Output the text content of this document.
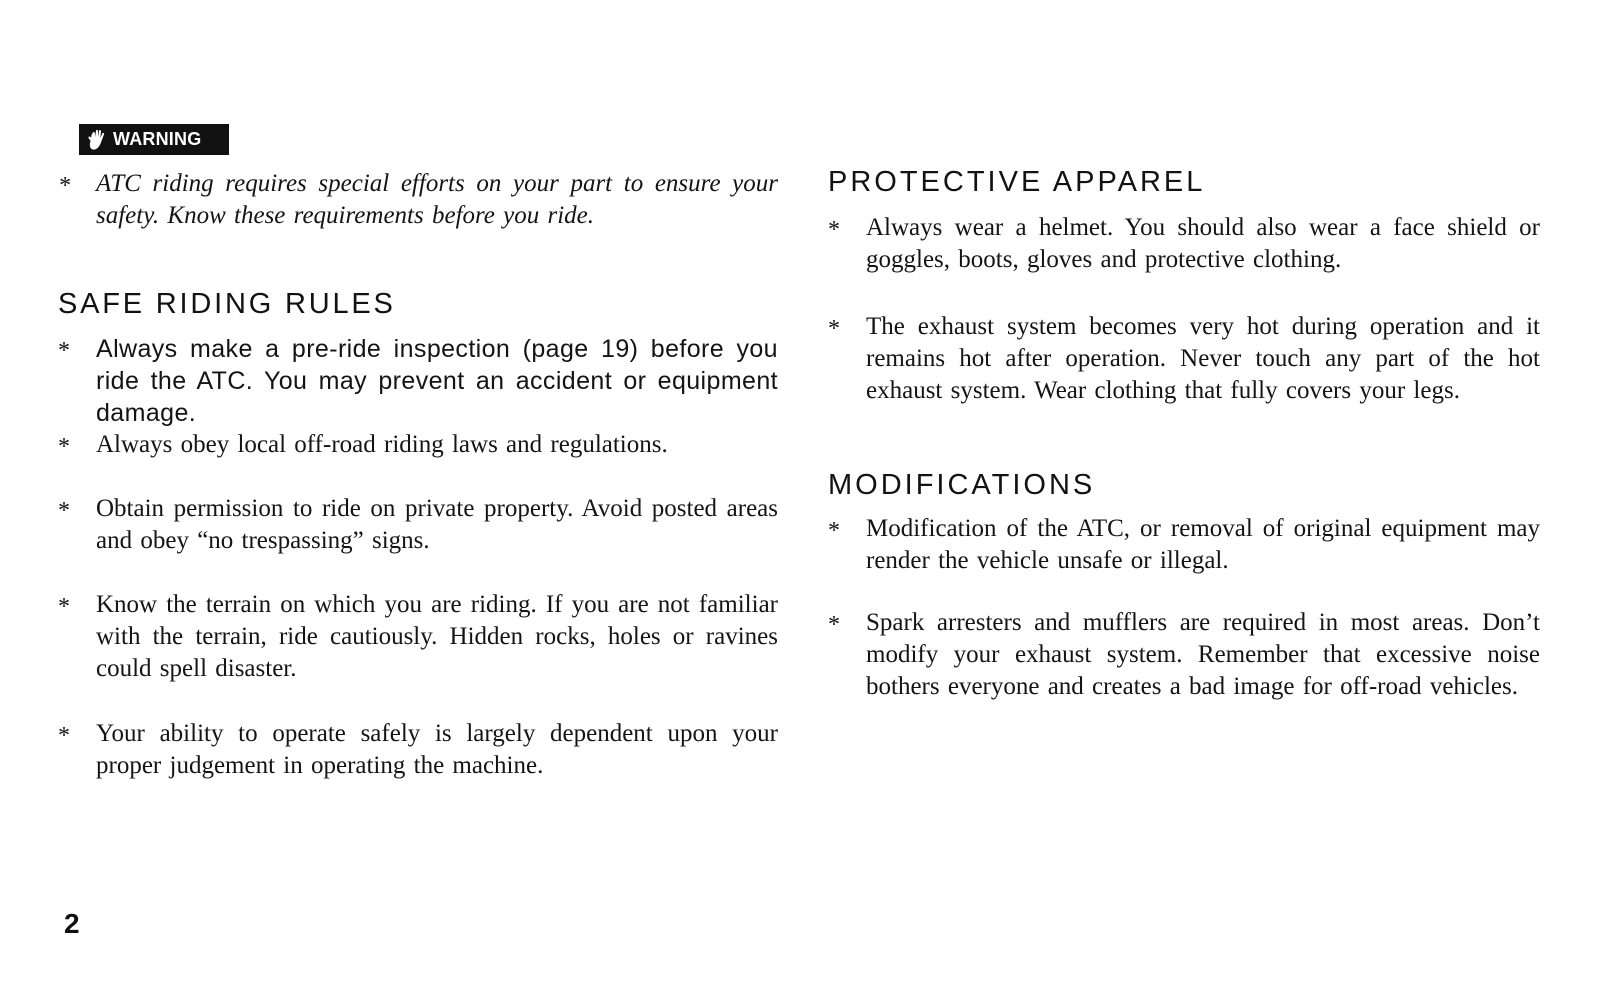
WARNING
*	ATC riding requires special efforts on your part to ensure your safety. Know these requirements before you ride.
SAFE RIDING RULES
*	Always make a pre-ride inspection (page 19) before you ride the ATC. You may prevent an accident or equipment damage.
*	Always obey local off-road riding laws and regulations.
*	Obtain permission to ride on private property. Avoid posted areas and obey “no trespassing” signs.
*	Know the terrain on which you are riding. If you are not familiar with the terrain, ride cautiously. Hidden rocks, holes or ravines could spell disaster.
*	Your ability to operate safely is largely dependent upon your proper judgement in operating the machine.
PROTECTIVE APPAREL
*	Always wear a helmet. You should also wear a face shield or goggles, boots, gloves and protective clothing.
*	The exhaust system becomes very hot during operation and it remains hot after operation. Never touch any part of the hot exhaust system. Wear clothing that fully covers your legs.
MODIFICATIONS
*	Modification of the ATC, or removal of original equipment may render the vehicle unsafe or illegal.
*	Spark arresters and mufflers are required in most areas. Don’t modify your exhaust system. Remember that excessive noise bothers everyone and creates a bad image for off-road vehicles.
2
